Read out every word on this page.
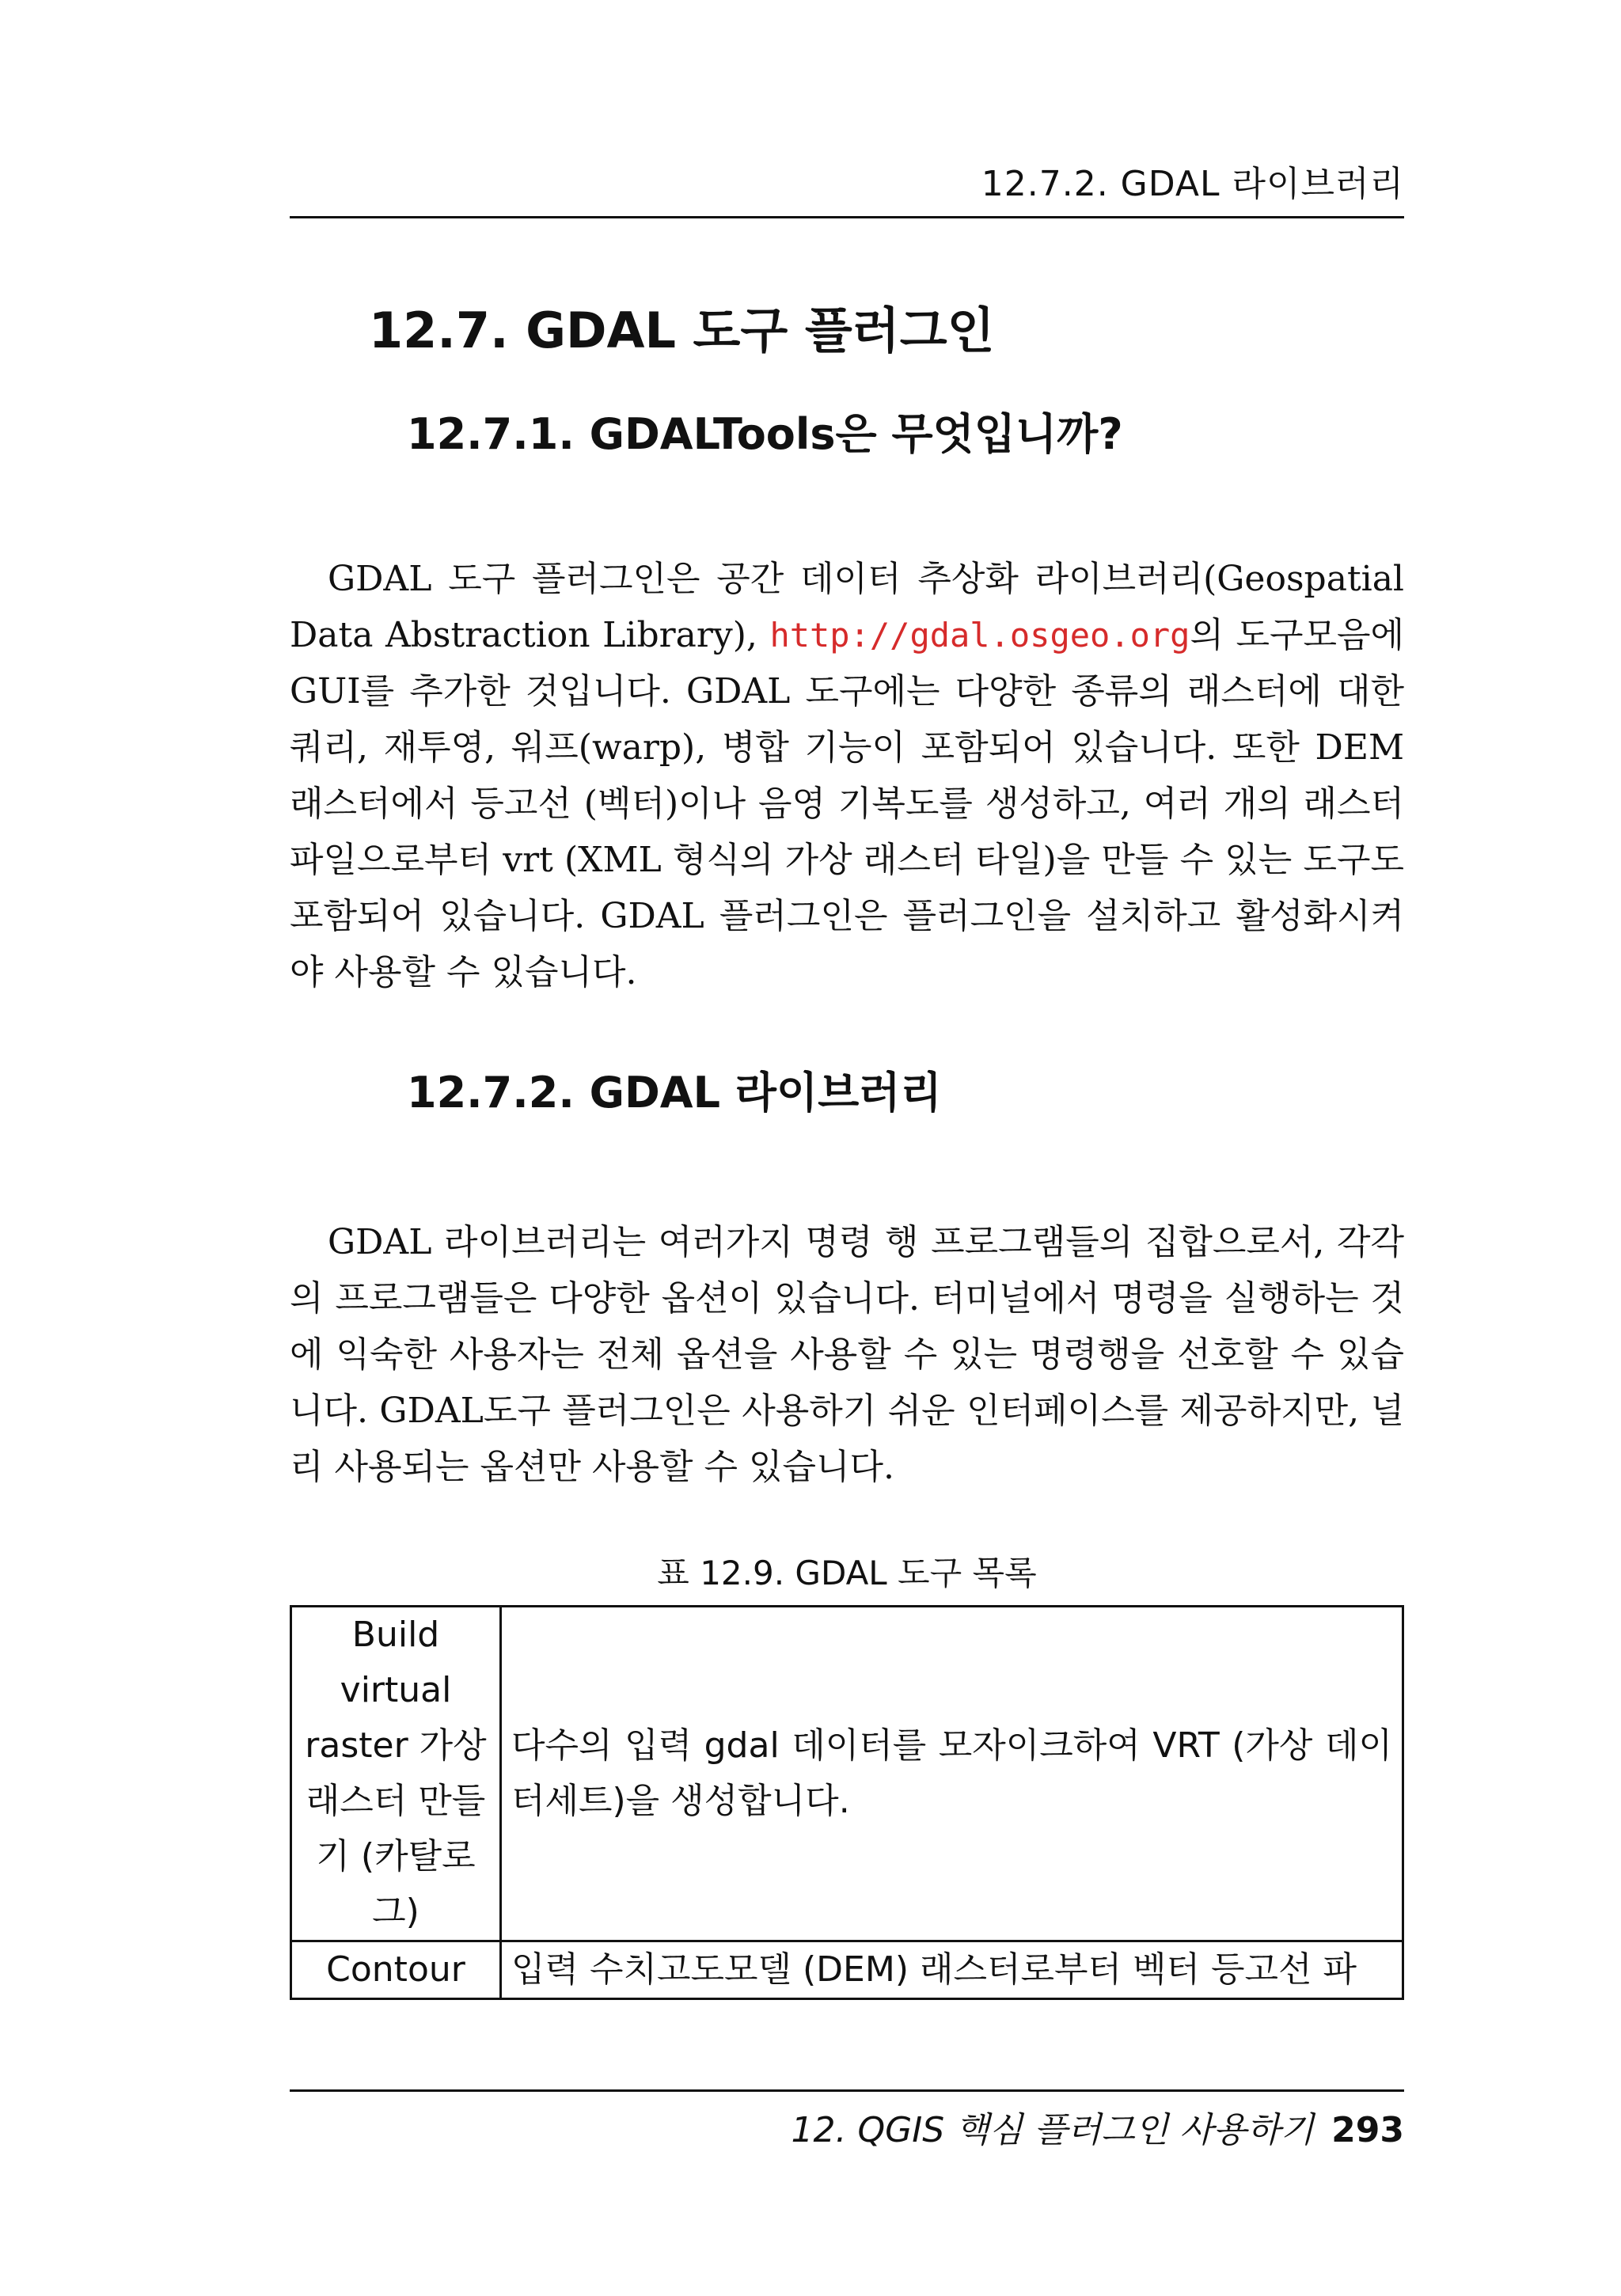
12.7.2. GDAL 라이브러리
12.7. GDAL 도구 플러그인
12.7.1. GDALTools은 무엇입니까?

GDAL 도구 플러그인은 공간 데이터 추상화 라이브러리(Geospatial Data Abstraction Library), http://gdal.osgeo.org의 도구모음에 GUI를 추가한 것입니다. GDAL 도구에는 다양한 종류의 래스터에 대한 쿼리, 재투영, 워프(warp), 병합 기능이 포함되어 있습니다. 또한 DEM 래스터에서 등고선 (벡터)이나 음영 기복도를 생성하고, 여러 개의 래스터 파일으로부터 vrt (XML 형식의 가상 래스터 타일)을 만들 수 있는 도구도 포함되어 있습니다. GDAL 플러그인은 플러그인을 설치하고 활성화시켜야 사용할 수 있습니다.

12.7.2. GDAL 라이브러리

GDAL 라이브러리는 여러가지 명령 행 프로그램들의 집합으로서, 각각의 프로그램들은 다양한 옵션이 있습니다. 터미널에서 명령을 실행하는 것에 익숙한 사용자는 전체 옵션을 사용할 수 있는 명령행을 선호할 수 있습니다. GDAL도구 플러그인은 사용하기 쉬운 인터페이스를 제공하지만, 널리 사용되는 옵션만 사용할 수 있습니다.

표 12.9. GDAL 도구 목록
Build virtual raster 가상 래스터 만들기 (카탈로그)	다수의 입력 gdal 데이터를 모자이크하여 VRT (가상 데이터세트)을 생성합니다.
Contour	입력 수치고도모델 (DEM) 래스터로부터 벡터 등고선 파
12. QGIS 핵심 플러그인 사용하기 293
